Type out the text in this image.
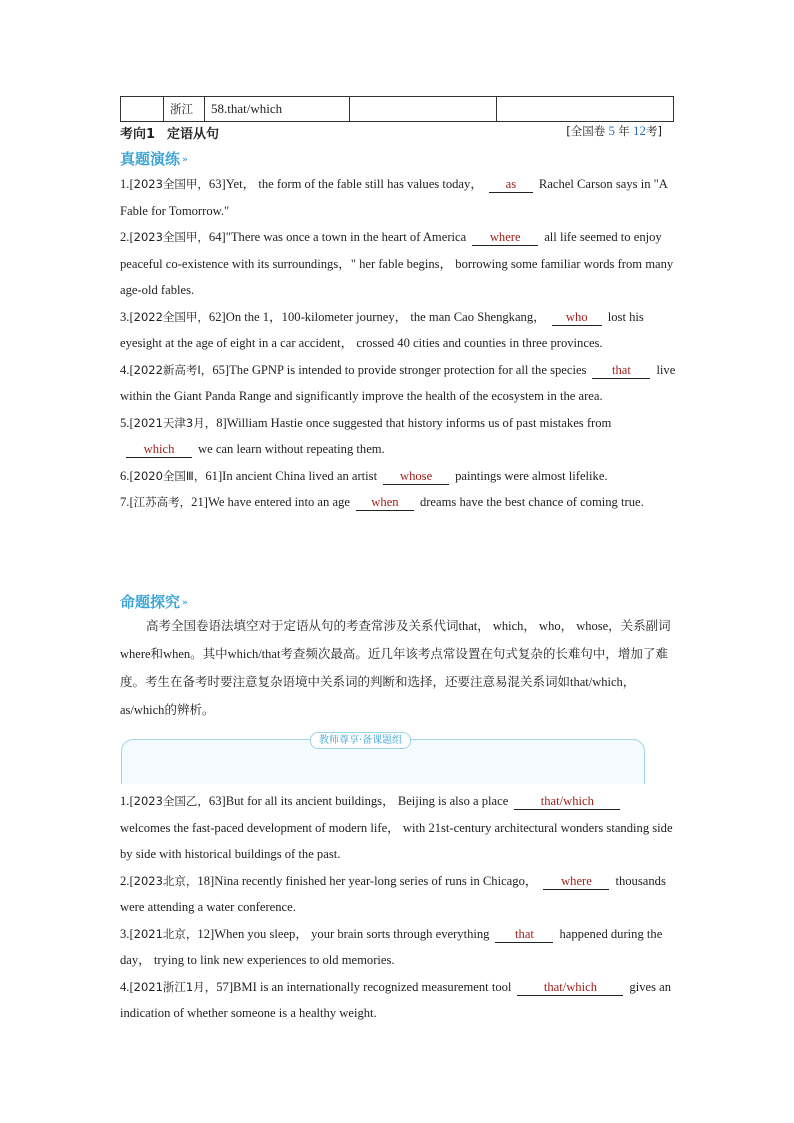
	浙江	58.that/which		
考向1 定语从句	[全国卷 5 年 12考]
真题演练 »
1.[2023全国甲，63]Yet， the form of the fable still has values today， as Rachel Carson says in "A Fable for Tomorrow."
2.[2023全国甲，64]"There was once a town in the heart of America where all life seemed to enjoy peaceful co-existence with its surroundings，" her fable begins， borrowing some familiar words from many age-old fables.
3.[2022全国甲，62]On the 1，100-kilometer journey， the man Cao Shengkang， who lost his eyesight at the age of eight in a car accident， crossed 40 cities and counties in three provinces.
4.[2022新高考Ⅰ，65]The GPNP is intended to provide stronger protection for all the species that live within the Giant Panda Range and significantly improve the health of the ecosystem in the area.
5.[2021天津3月，8]William Hastie once suggested that history informs us of past mistakes fromwhich we can learn without repeating them.
6.[2020全国Ⅲ，61]In ancient China lived an artist whose paintings were almost lifelike.
7.[江苏高考，21]We have entered into an age when dreams have the best chance of coming true.
命题探究 »
高考全国卷语法填空对于定语从句的考查常涉及关系代词that， which， who， whose，关系副词where和when。其中which/that考查频次最高。近几年该考点常设置在句式复杂的长难句中，增加了难度。考生在备考时要注意复杂语境中关系词的判断和选择，还要注意易混关系词如that/which， as/which的辨析。
教师尊享·备课题组
1.[2023全国乙，63]But for all its ancient buildings， Beijing is also a place	that/whichwelcomes the fast-paced development of modern life， with 21st-century architectural wonders standing side by side with historical buildings of the past.
2.[2023北京，18]Nina recently finished her year-long series of runs in Chicago， where thousands were attending a water conference.
3.[2021北京，12]When you sleep， your brain sorts through everything that happened during the day， trying to link new experiences to old memories.
4.[2021浙江1月，57]BMI is an internationally recognized measurement tool	that/which	gives an indication of whether someone is a healthy weight.
